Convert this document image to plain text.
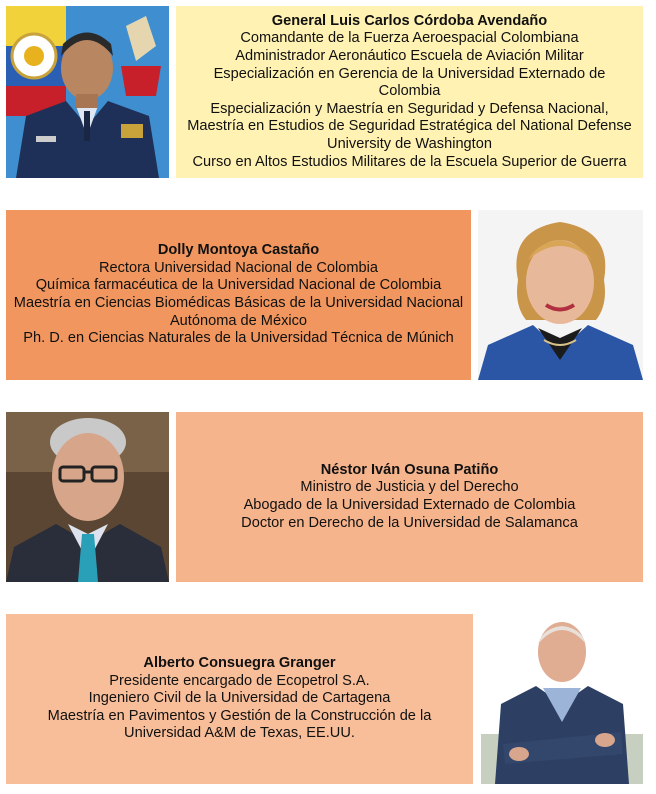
General Luis Carlos Córdoba Avendaño
Comandante de la Fuerza Aeroespacial Colombiana
Administrador Aeronáutico Escuela de Aviación Militar
Especialización en Gerencia de la Universidad Externado de
Colombia
Especialización y Maestría en Seguridad y Defensa Nacional,
Maestría en Estudios de Seguridad Estratégica del National Defense
University de Washington
Curso en Altos Estudios Militares de la Escuela Superior de Guerra
Dolly Montoya Castaño
Rectora Universidad Nacional de Colombia
Química farmacéutica de la Universidad Nacional de Colombia
Maestría en Ciencias Biomédicas Básicas de la Universidad Nacional
Autónoma de México
Ph. D. en Ciencias Naturales de la Universidad Técnica de Múnich
Néstor Iván Osuna Patiño
Ministro de Justicia y del Derecho
Abogado de la Universidad Externado de Colombia
Doctor en Derecho de la Universidad de Salamanca
Alberto Consuegra Granger
Presidente encargado de Ecopetrol S.A.
Ingeniero Civil de la Universidad de Cartagena
Maestría en Pavimentos y Gestión de la Construcción de la
Universidad A&M de Texas, EE.UU.
